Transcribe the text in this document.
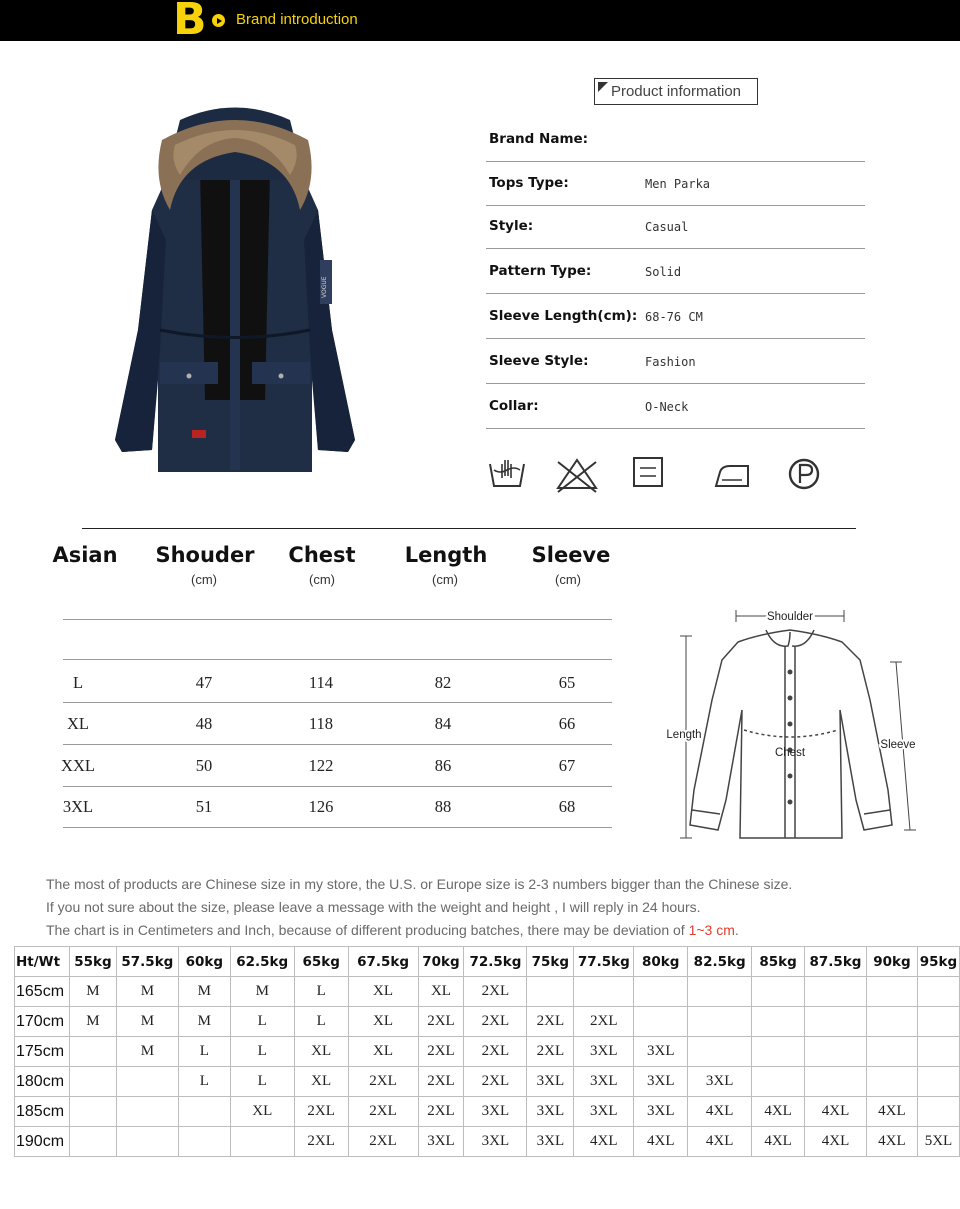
B Brand introduction
VOGUE
Product information
Brand Name:
Tops Type:	Men Parka
Style:	Casual
Pattern Type:	Solid
Sleeve Length(cm): 68-76 CM
Sleeve Style:	Fashion
Collar:	O-Neck
Asian	Shouder	Chest	Length	Sleeve
(cm)	(cm)	(cm)	(cm)
L	47	114	82	65
XL	48	118	84	66
XXL	50	122	86	67
3XL	51	126	88	68
Shoulder
Length
Chest
Sleeve
The most of products are Chinese size in my store, the U.S. or Europe size is 2-3 numbers bigger than the Chinese size.
If you not sure about the size, please leave a message with the weight and height , I will reply in 24 hours.
The chart is in Centimeters and Inch, because of different producing batches, there may be deviation of 1~3 cm.
Ht/Wt	55kg	57.5kg	60kg	62.5kg	65kg	67.5kg	70kg	72.5kg	75kg	77.5kg	80kg	82.5kg	85kg	87.5kg	90kg	95kg
165cm	M	M	M	M	L	XL	XL	2XL								
170cm	M	M	M	L	L	XL	2XL	2XL	2XL	2XL						
175cm		M	L	L	XL	XL	2XL	2XL	2XL	3XL	3XL					
180cm			L	L	XL	2XL	2XL	2XL	3XL	3XL	3XL	3XL				
185cm				XL	2XL	2XL	2XL	3XL	3XL	3XL	3XL	4XL	4XL	4XL	4XL	
190cm					2XL	2XL	3XL	3XL	3XL	4XL	4XL	4XL	4XL	4XL	4XL	5XL
